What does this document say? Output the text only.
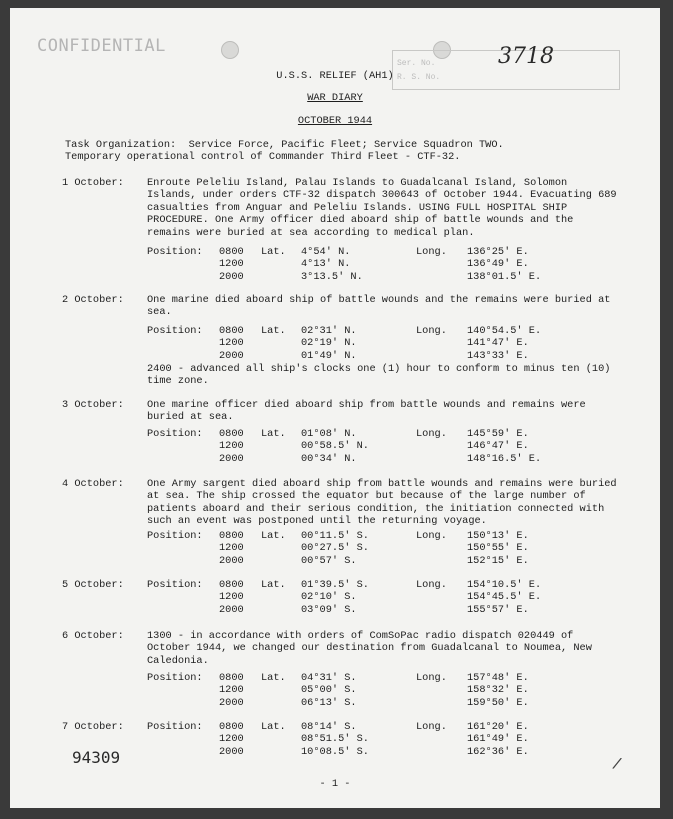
CONFIDENTIAL
Ser. No.
R. S. No.
3718
U.S.S. RELIEF (AH1)
WAR DIARY
OCTOBER 1944
Task Organization:  Service Force, Pacific Fleet; Service Squadron TWO.
Temporary operational control of Commander Third Fleet - CTF-32.
1 October: Enroute Peleliu Island, Palau Islands to Guadalcanal Island, Solomon Islands, under orders CTF-32 dispatch 300643 of October 1944. Evacuating 689 casualties from Anguar and Peleliu Islands. USING FULL HOSPITAL SHIP PROCEDURE. One Army officer died aboard ship of battle wounds and the remains were buried at sea according to medical plan.
Position:	0800	Lat.	4°54' N.	Long.	136°25' E.
	1200		4°13' N.		136°49' E.
	2000		3°13.5' N.		138°01.5' E.
2 October: One marine died aboard ship of battle wounds and the remains were buried at sea.
Position:	0800	Lat.	02°31' N.	Long.	140°54.5' E.
	1200		02°19' N.		141°47' E.
	2000		01°49' N.		143°33' E.
2400 - advanced all ship's clocks one (1) hour to conform to minus ten (10) time zone.
3 October: One marine officer died aboard ship from battle wounds and remains were buried at sea.
Position:	0800	Lat.	01°08' N.	Long.	145°59' E.
	1200		00°58.5' N.		146°47' E.
	2000		00°34' N.		148°16.5' E.
4 October: One Army sargent died aboard ship from battle wounds and remains were buried at sea. The ship crossed the equator but because of the large number of patients aboard and their serious condition, the initiation connected with such an event was postponed until the returning voyage.
Position:	0800	Lat.	00°11.5' S.	Long.	150°13' E.
	1200		00°27.5' S.		150°55' E.
	2000		00°57' S.		152°15' E.
5 October: Position:	0800	Lat.	01°39.5' S.	Long.	154°10.5' E.
	1200		02°10' S.		154°45.5' E.
	2000		03°09' S.		155°57' E.
6 October: 1300 - in accordance with orders of ComSoPac radio dispatch 020449 of October 1944, we changed our destination from Guadalcanal to Noumea, New Caledonia.
Position:	0800	Lat.	04°31' S.	Long.	157°48' E.
	1200		05°00' S.		158°32' E.
	2000		06°13' S.		159°50' E.
7 October: Position:	0800	Lat.	08°14' S.	Long.	161°20' E.
	1200		08°51.5' S.		161°49' E.
	2000		10°08.5' S.		162°36' E.
94309
- 1 -
/
